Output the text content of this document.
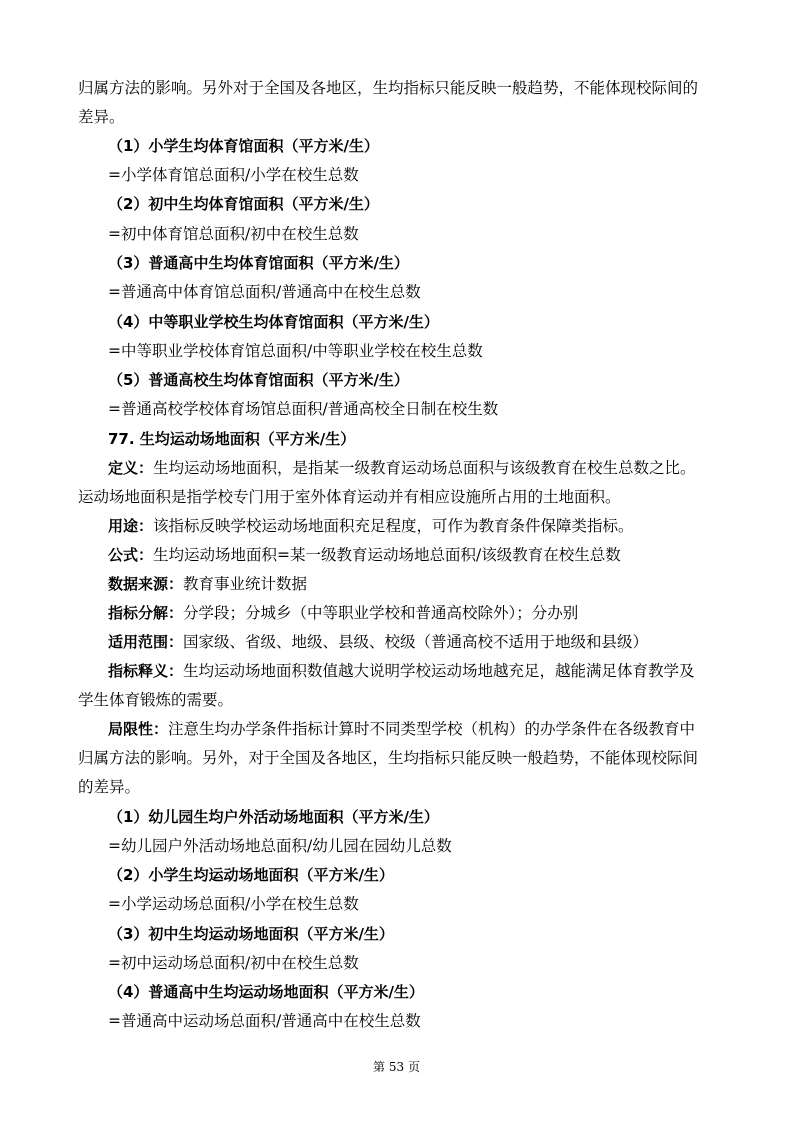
归属方法的影响。另外对于全国及各地区，生均指标只能反映一般趋势，不能体现校际间的
差异。
（1）小学生均体育馆面积（平方米/生）
=小学体育馆总面积/小学在校生总数
（2）初中生均体育馆面积（平方米/生）
=初中体育馆总面积/初中在校生总数
（3）普通高中生均体育馆面积（平方米/生）
=普通高中体育馆总面积/普通高中在校生总数
（4）中等职业学校生均体育馆面积（平方米/生）
=中等职业学校体育馆总面积/中等职业学校在校生总数
（5）普通高校生均体育馆面积（平方米/生）
=普通高校学校体育场馆总面积/普通高校全日制在校生数
77. 生均运动场地面积（平方米/生）
定义：生均运动场地面积，是指某一级教育运动场总面积与该级教育在校生总数之比。
运动场地面积是指学校专门用于室外体育运动并有相应设施所占用的土地面积。
用途：该指标反映学校运动场地面积充足程度，可作为教育条件保障类指标。
公式：生均运动场地面积=某一级教育运动场地总面积/该级教育在校生总数
数据来源：教育事业统计数据
指标分解：分学段；分城乡（中等职业学校和普通高校除外）；分办别
适用范围：国家级、省级、地级、县级、校级（普通高校不适用于地级和县级）
指标释义：生均运动场地面积数值越大说明学校运动场地越充足，越能满足体育教学及
学生体育锻炼的需要。
局限性：注意生均办学条件指标计算时不同类型学校（机构）的办学条件在各级教育中
归属方法的影响。另外，对于全国及各地区，生均指标只能反映一般趋势，不能体现校际间
的差异。
（1）幼儿园生均户外活动场地面积（平方米/生）
=幼儿园户外活动场地总面积/幼儿园在园幼儿总数
（2）小学生均运动场地面积（平方米/生）
=小学运动场总面积/小学在校生总数
（3）初中生均运动场地面积（平方米/生）
=初中运动场总面积/初中在校生总数
（4）普通高中生均运动场地面积（平方米/生）
=普通高中运动场总面积/普通高中在校生总数
第 53 页
